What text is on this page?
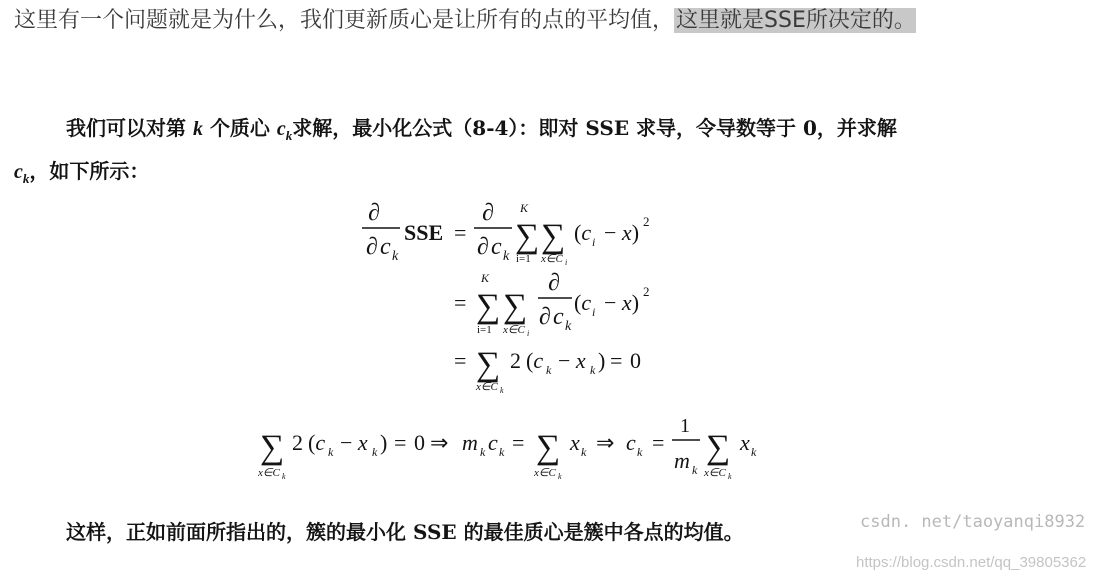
这里有一个问题就是为什么，我们更新质心是让所有的点的平均值，这里就是SSE所决定的。
我们可以对第 k 个质心 $c_k$求解，最小化公式（8-4）：即对 SSE 求导，令导数等于 0，并求解
$c_k$，如下所示：
∂
∂ c k
SSE =
∂
∂ c k
∑
K
i=1
∑
x∈C i
(c i − x) 2
= ∑
K
i=1
∑
x∈C i
∂
∂ c k
(c i − x) 2
= ∑
x∈C k
2 (c k − x k ) = 0
∑
x∈C k
2 (c k − x k ) = 0 ⇒ m k c k = ∑
x∈C k
x k ⇒ c k =
1
m k
∑
x∈C k
x k
这样，正如前面所指出的，簇的最小化 SSE 的最佳质心是簇中各点的均值。	csdn. net/taoyanqi8932
https://blog.csdn.net/qq_39805362
